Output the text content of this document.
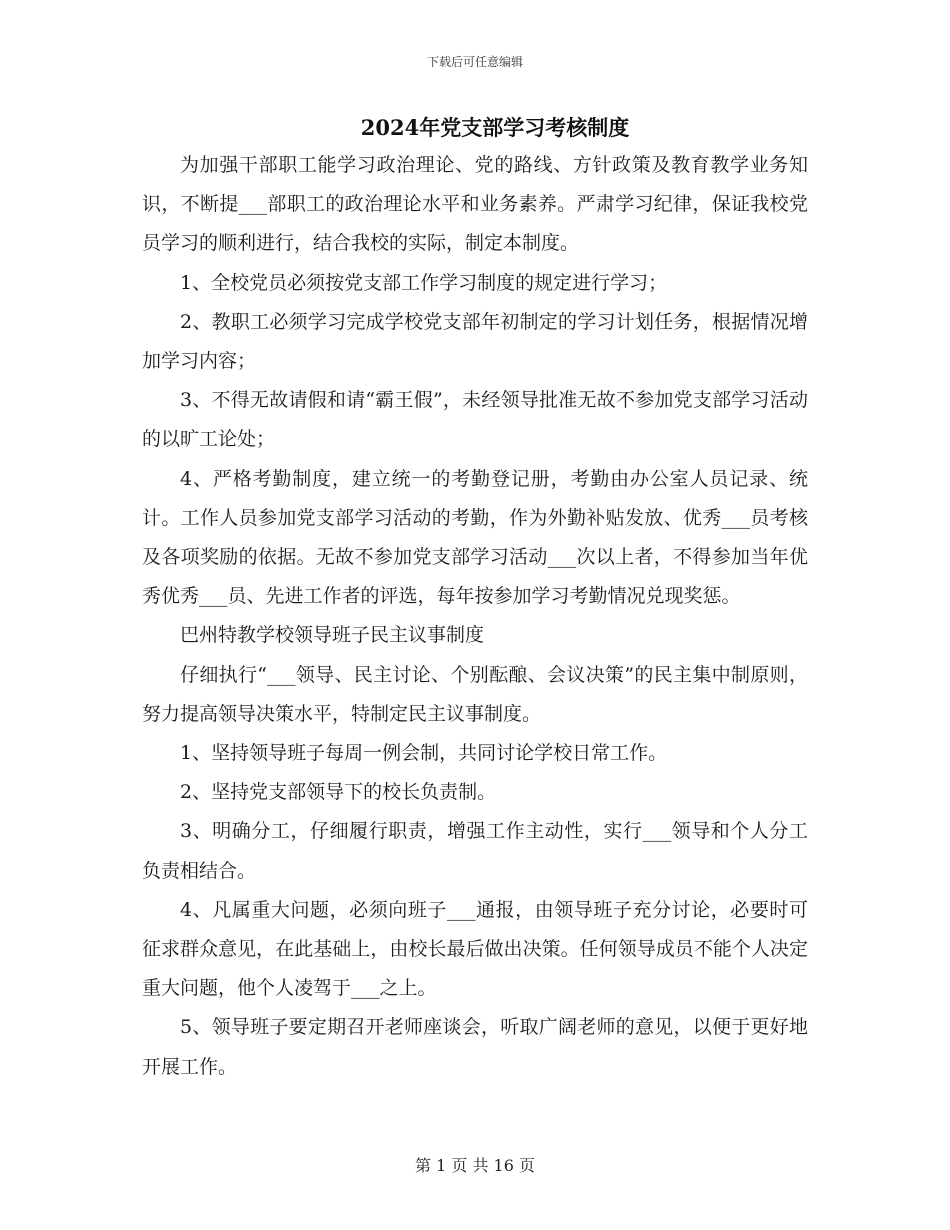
下载后可任意编辑
2024年党支部学习考核制度

为加强干部职工能学习政治理论、党的路线、方针政策及教育教学业务知识，不断提___部职工的政治理论水平和业务素养。严肃学习纪律，保证我校党员学习的顺利进行，结合我校的实际，制定本制度。

1、全校党员必须按党支部工作学习制度的规定进行学习；

2、教职工必须学习完成学校党支部年初制定的学习计划任务，根据情况增加学习内容；

3、不得无故请假和请“霸王假”，未经领导批准无故不参加党支部学习活动的以旷工论处；

4、严格考勤制度，建立统一的考勤登记册，考勤由办公室人员记录、统计。工作人员参加党支部学习活动的考勤，作为外勤补贴发放、优秀___员考核及各项奖励的依据。无故不参加党支部学习活动___次以上者，不得参加当年优秀优秀___员、先进工作者的评选，每年按参加学习考勤情况兑现奖惩。

巴州特教学校领导班子民主议事制度

仔细执行“___领导、民主讨论、个别酝酿、会议决策”的民主集中制原则，努力提高领导决策水平，特制定民主议事制度。

1、坚持领导班子每周一例会制，共同讨论学校日常工作。

2、坚持党支部领导下的校长负责制。

3、明确分工，仔细履行职责，增强工作主动性，实行___领导和个人分工负责相结合。

4、凡属重大问题，必须向班子___通报，由领导班子充分讨论，必要时可征求群众意见，在此基础上，由校长最后做出决策。任何领导成员不能个人决定重大问题，他个人凌驾于___之上。

5、领导班子要定期召开老师座谈会，听取广阔老师的意见，以便于更好地开展工作。

第 1 页 共 16 页
